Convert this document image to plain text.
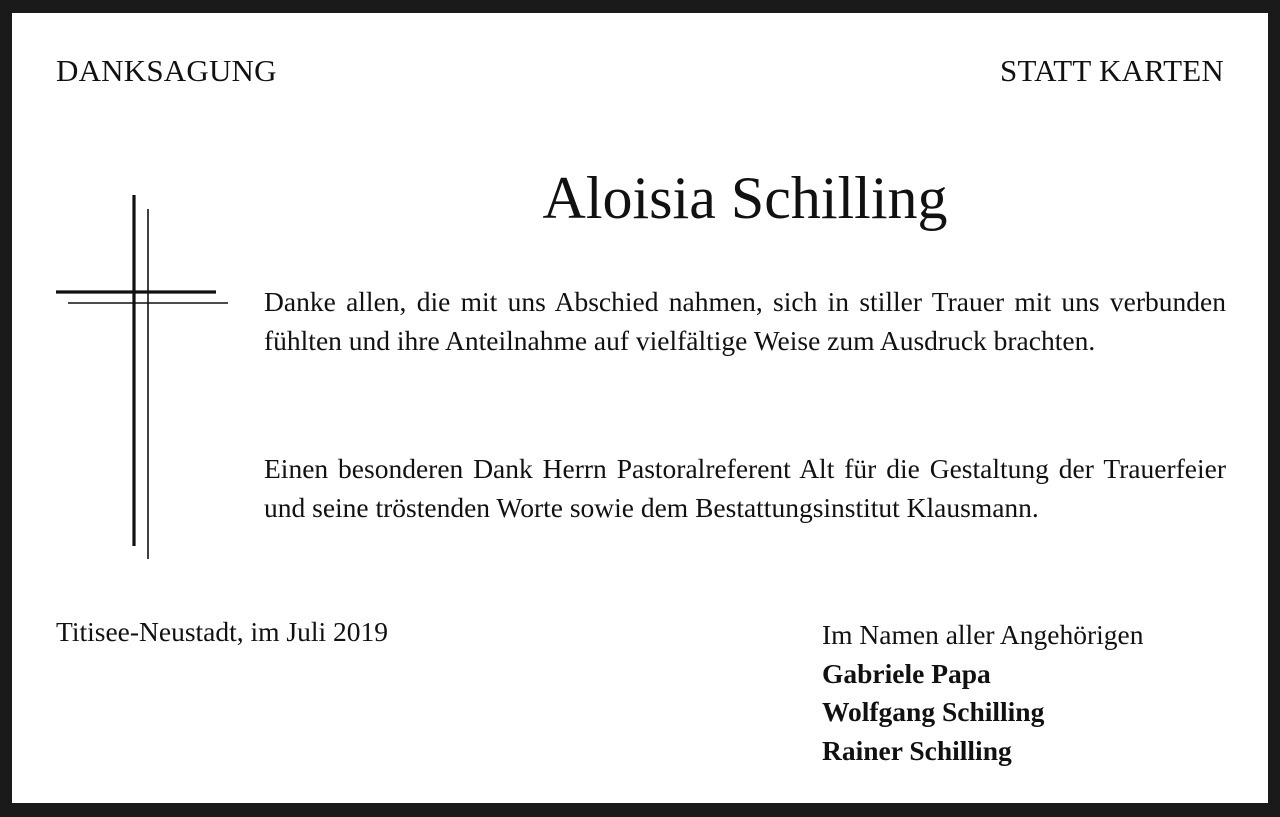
DANKSAGUNG	STATT KARTEN
Aloisia Schilling

Danke allen, die mit uns Abschied nahmen, sich in stiller Trauer mit uns verbunden fühlten und ihre Anteilnahme auf vielfältige Weise zum Ausdruck brachten.

Einen besonderen Dank Herrn Pastoralreferent Alt für die Gestaltung der Trauerfeier und seine tröstenden Worte sowie dem Bestattungsinstitut Klausmann.

Titisee-Neustadt, im Juli 2019	Im Namen aller Angehörigen
Gabriele Papa
Wolfgang Schilling
Rainer Schilling
